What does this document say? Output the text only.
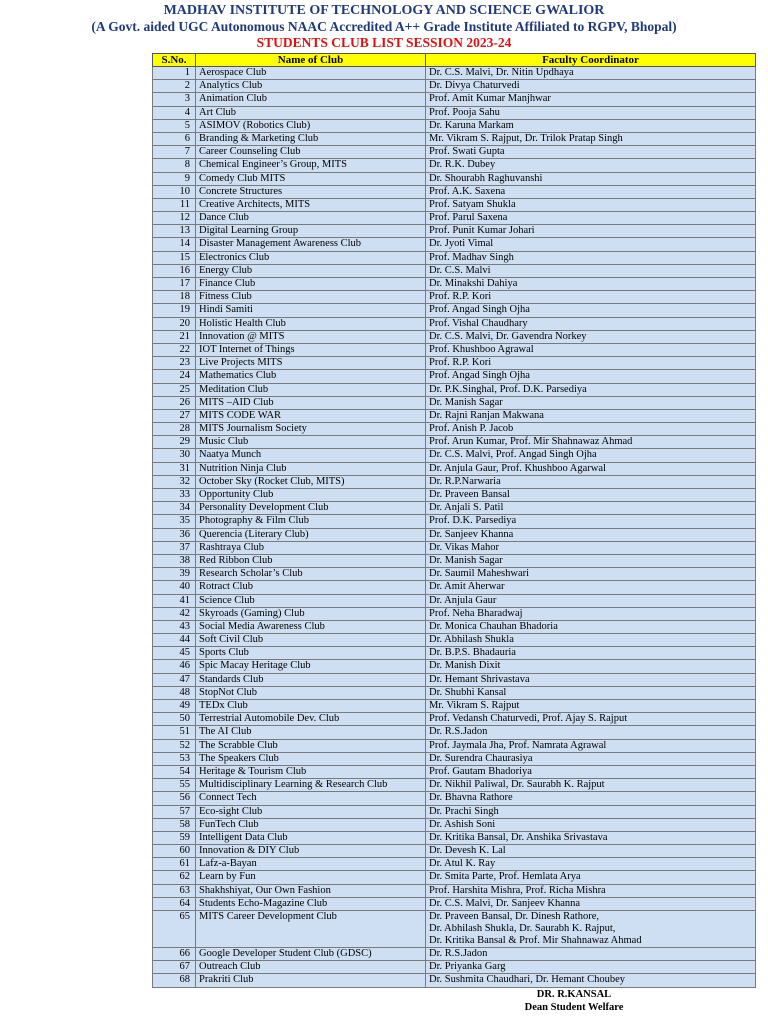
MADHAV INSTITUTE OF TECHNOLOGY AND SCIENCE GWALIOR
(A Govt. aided UGC Autonomous NAAC Accredited A++ Grade Institute Affiliated to RGPV, Bhopal)
STUDENTS CLUB LIST SESSION 2023-24
S.No.	Name of Club	Faculty Coordinator
1	Aerospace Club	Dr. C.S. Malvi, Dr. Nitin Updhaya
2	Analytics Club	Dr. Divya Chaturvedi
3	Animation Club	Prof. Amit Kumar Manjhwar
4	Art Club	Prof. Pooja Sahu
5	ASIMOV (Robotics Club)	Dr. Karuna Markam
6	Branding & Marketing Club	Mr. Vikram S. Rajput, Dr. Trilok Pratap Singh
7	Career Counseling Club	Prof. Swati Gupta
8	Chemical Engineer’s Group, MITS	Dr. R.K. Dubey
9	Comedy Club MITS	Dr. Shourabh Raghuvanshi
10	Concrete Structures	Prof. A.K. Saxena
11	Creative Architects, MITS	Prof. Satyam Shukla
12	Dance Club	Prof. Parul Saxena
13	Digital Learning Group	Prof. Punit Kumar Johari
14	Disaster Management Awareness Club	Dr. Jyoti Vimal
15	Electronics Club	Prof. Madhav Singh
16	Energy Club	Dr. C.S. Malvi
17	Finance Club	Dr. Minakshi Dahiya
18	Fitness Club	Prof. R.P. Kori
19	Hindi Samiti	Prof. Angad Singh Ojha
20	Holistic Health Club	Prof. Vishal Chaudhary
21	Innovation @ MITS	Dr. C.S. Malvi, Dr. Gavendra Norkey
22	IOT Internet of Things	Prof. Khushboo Agrawal
23	Live Projects MITS	Prof. R.P. Kori
24	Mathematics Club	Prof. Angad Singh Ojha
25	Meditation Club	Dr. P.K.Singhal, Prof. D.K. Parsediya
26	MITS –AID Club	Dr. Manish Sagar
27	MITS CODE WAR	Dr. Rajni Ranjan Makwana
28	MITS Journalism Society	Prof. Anish P. Jacob
29	Music Club	Prof. Arun Kumar, Prof. Mir Shahnawaz Ahmad
30	Naatya Munch	Dr. C.S. Malvi, Prof. Angad Singh Ojha
31	Nutrition Ninja Club	Dr. Anjula Gaur, Prof. Khushboo Agarwal
32	October Sky (Rocket Club, MITS)	Dr. R.P.Narwaria
33	Opportunity Club	Dr. Praveen Bansal
34	Personality Development Club	Dr. Anjali S. Patil
35	Photography & Film Club	Prof. D.K. Parsediya
36	Querencia (Literary Club)	Dr. Sanjeev Khanna
37	Rashtraya Club	Dr. Vikas Mahor
38	Red Ribbon Club	Dr. Manish Sagar
39	Research Scholar’s Club	Dr. Saumil Maheshwari
40	Rotract Club	Dr. Amit Aherwar
41	Science Club	Dr. Anjula Gaur
42	Skyroads (Gaming) Club	Prof. Neha Bharadwaj
43	Social Media Awareness Club	Dr. Monica Chauhan Bhadoria
44	Soft Civil Club	Dr. Abhilash Shukla
45	Sports Club	Dr. B.P.S. Bhadauria
46	Spic Macay Heritage Club	Dr. Manish Dixit
47	Standards Club	Dr. Hemant Shrivastava
48	StopNot Club	Dr. Shubhi Kansal
49	TEDx Club	Mr. Vikram S. Rajput
50	Terrestrial Automobile Dev. Club	Prof. Vedansh Chaturvedi, Prof. Ajay S. Rajput
51	The AI Club	Dr. R.S.Jadon
52	The Scrabble Club	Prof. Jaymala Jha, Prof. Namrata Agrawal
53	The Speakers Club	Dr. Surendra Chaurasiya
54	Heritage & Tourism Club	Prof. Gautam Bhadoriya
55	Multidisciplinary Learning & Research Club	Dr. Nikhil Paliwal, Dr. Saurabh K. Rajput
56	Connect Tech	Dr. Bhavna Rathore
57	Eco-sight Club	Dr. Prachi Singh
58	FunTech Club	Dr. Ashish Soni
59	Intelligent Data Club	Dr. Kritika Bansal, Dr. Anshika Srivastava
60	Innovation & DIY Club	Dr. Devesh K. Lal
61	Lafz-a-Bayan	Dr. Atul K. Ray
62	Learn by Fun	Dr. Smita Parte, Prof. Hemlata Arya
63	Shakhshiyat, Our Own Fashion	Prof. Harshita Mishra, Prof. Richa Mishra
64	Students Echo-Magazine Club	Dr. C.S. Malvi, Dr. Sanjeev Khanna
65	MITS Career Development Club	Dr. Praveen Bansal, Dr. Dinesh Rathore,
Dr. Abhilash Shukla, Dr. Saurabh K. Rajput,
Dr. Kritika Bansal & Prof. Mir Shahnawaz Ahmad

66	Google Developer Student Club (GDSC)	Dr. R.S.Jadon
67	Outreach Club	Dr. Priyanka Garg
68	Prakriti Club	Dr. Sushmita Chaudhari, Dr. Hemant Choubey
DR. R.KANSAL
Dean Student Welfare
